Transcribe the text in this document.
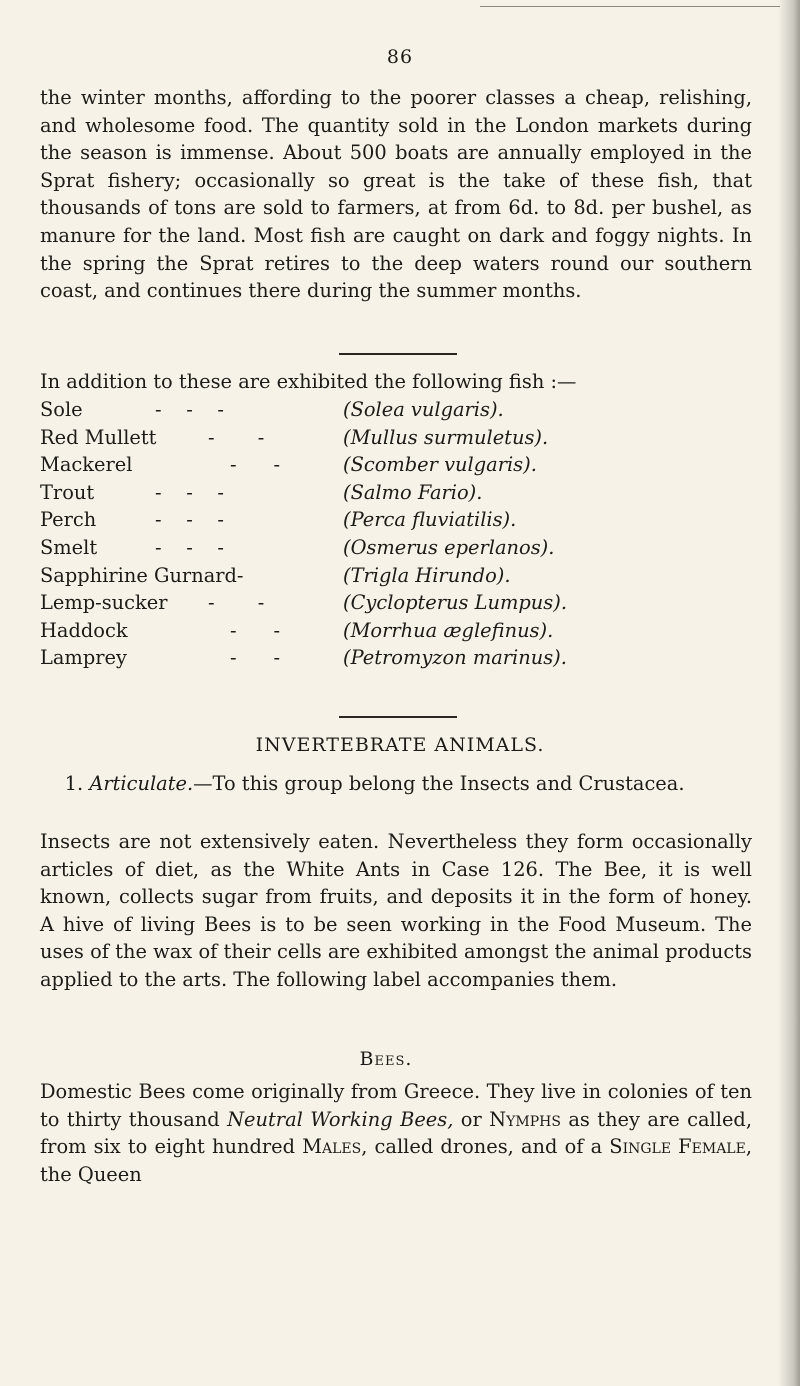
86

the winter months, affording to the poorer classes a cheap, relishing, and wholesome food. The quantity sold in the London markets during the season is immense. About 500 boats are annually employed in the Sprat fishery; occasionally so great is the take of these fish, that thousands of tons are sold to farmers, at from 6d. to 8d. per bushel, as manure for the land. Most fish are caught on dark and foggy nights. In the spring the Sprat retires to the deep waters round our southern coast, and continues there during the summer months.

In addition to these are exhibited the following fish :—

Sole	-    -    -	(Solea vulgaris).
Red Mullett	-       -	(Mullus surmuletus).
Mackerel	-      -	(Scomber vulgaris).
Trout	-    -    -	(Salmo Fario).
Perch	-    -    -	(Perca fluviatilis).
Smelt	-    -    -	(Osmerus eperlanos).
Sapphirine Gurnard-	(Trigla Hirundo).
Lemp-sucker -       -	(Cyclopterus Lumpus).
Haddock	-      -	(Morrhua æglefinus).
Lamprey	-      -	(Petromyzon marinus).
INVERTEBRATE ANIMALS.

1. Articulate.—To this group belong the Insects and Crustacea.

Insects are not extensively eaten. Nevertheless they form occasionally articles of diet, as the White Ants in Case 126. The Bee, it is well known, collects sugar from fruits, and deposits it in the form of honey. A hive of living Bees is to be seen working in the Food Museum. The uses of the wax of their cells are exhibited amongst the animal products applied to the arts. The following label accompanies them.

Bees.

Domestic Bees come originally from Greece. They live in colonies of ten to thirty thousand Neutral Working Bees, or Nymphs as they are called, from six to eight hundred Males, called drones, and of a Single Female, the Queen
